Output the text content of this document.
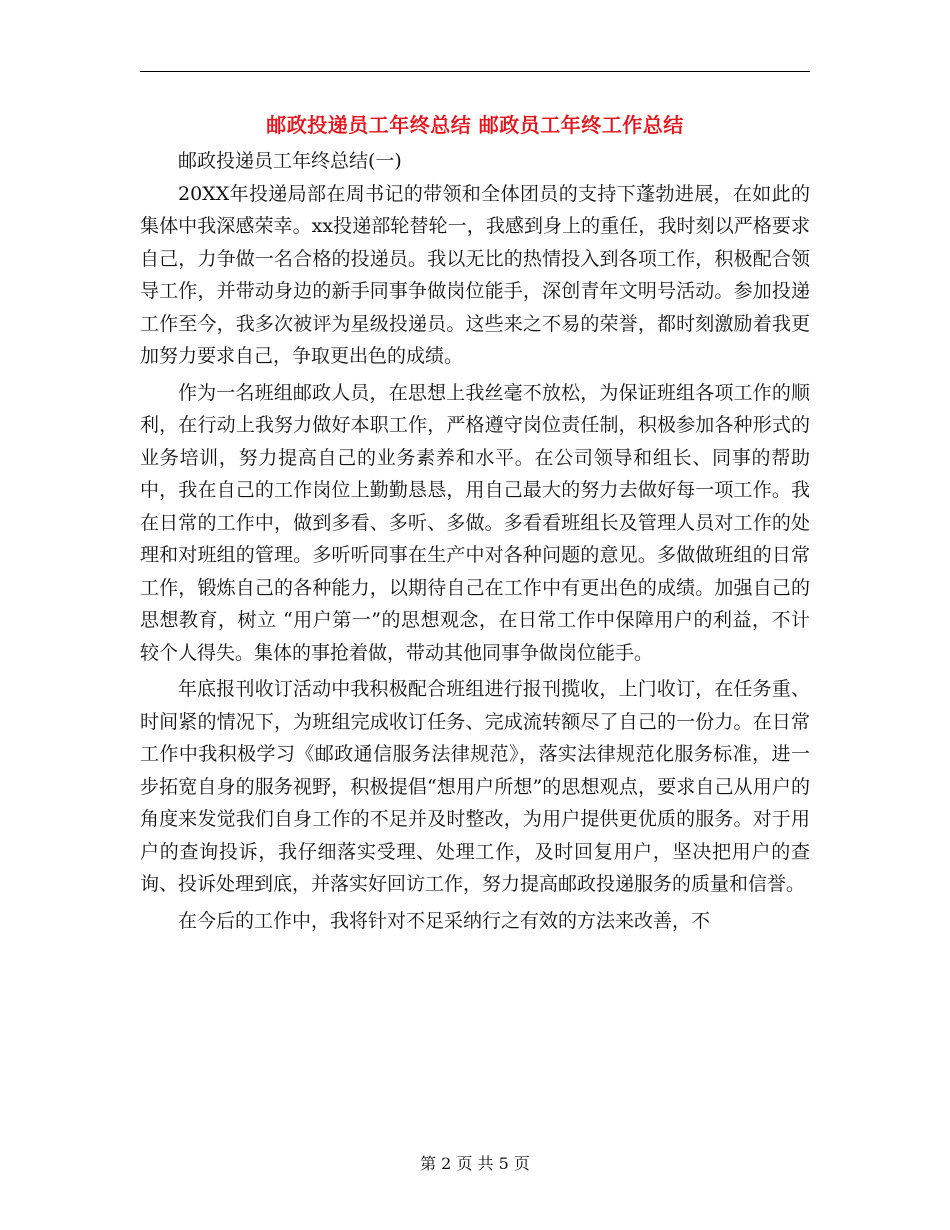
邮政投递员工年终总结 邮政员工年终工作总结

邮政投递员工年终总结(一)

20XX年投递局部在周书记的带领和全体团员的支持下蓬勃进展，在如此的集体中我深感荣幸。xx投递部轮替轮一，我感到身上的重任，我时刻以严格要求自己，力争做一名合格的投递员。我以无比的热情投入到各项工作，积极配合领导工作，并带动身边的新手同事争做岗位能手，深创青年文明号活动。参加投递工作至今，我多次被评为星级投递员。这些来之不易的荣誉，都时刻激励着我更加努力要求自己，争取更出色的成绩。

作为一名班组邮政人员，在思想上我丝毫不放松，为保证班组各项工作的顺利，在行动上我努力做好本职工作，严格遵守岗位责任制，积极参加各种形式的业务培训，努力提高自己的业务素养和水平。在公司领导和组长、同事的帮助中，我在自己的工作岗位上勤勤恳恳，用自己最大的努力去做好每一项工作。我在日常的工作中，做到多看、多听、多做。多看看班组长及管理人员对工作的处理和对班组的管理。多听听同事在生产中对各种问题的意见。多做做班组的日常工作，锻炼自己的各种能力，以期待自己在工作中有更出色的成绩。加强自己的思想教育，树立 “用户第一”的思想观念，在日常工作中保障用户的利益，不计较个人得失。集体的事抢着做，带动其他同事争做岗位能手。

年底报刊收订活动中我积极配合班组进行报刊揽收，上门收订，在任务重、时间紧的情况下，为班组完成收订任务、完成流转额尽了自己的一份力。在日常工作中我积极学习《邮政通信服务法律规范》，落实法律规范化服务标准，进一步拓宽自身的服务视野，积极提倡“想用户所想”的思想观点，要求自己从用户的角度来发觉我们自身工作的不足并及时整改，为用户提供更优质的服务。对于用户的查询投诉，我仔细落实受理、处理工作，及时回复用户，坚决把用户的查询、投诉处理到底，并落实好回访工作，努力提高邮政投递服务的质量和信誉。

在今后的工作中，我将针对不足采纳行之有效的方法来改善，不

第 2 页 共 5 页
